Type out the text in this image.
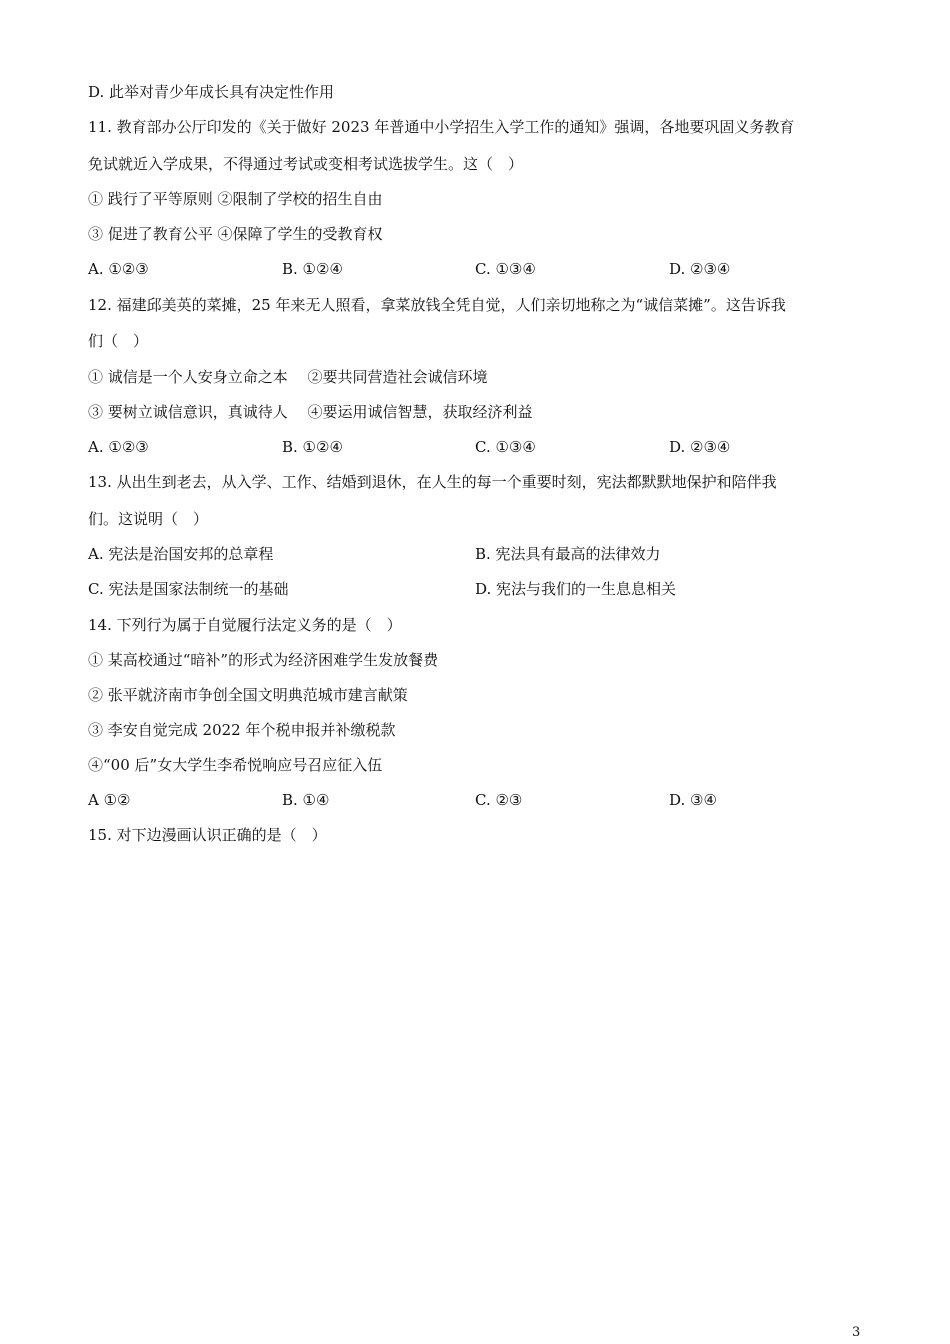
D. 此举对青少年成长具有决定性作用
11. 教育部办公厅印发的《关于做好 2023 年普通中小学招生入学工作的通知》强调，各地要巩固义务教育
免试就近入学成果，不得通过考试或变相考试选拔学生。这（　）
① 践行了平等原则 ②限制了学校的招生自由
③ 促进了教育公平 ④保障了学生的受教育权
A. ①②③	B. ①②④	C. ①③④	D. ②③④
12. 福建邱美英的菜摊，25 年来无人照看，拿菜放钱全凭自觉，人们亲切地称之为“诚信菜摊”。这告诉我
们（　）
① 诚信是一个人安身立命之本　 ②要共同营造社会诚信环境
③ 要树立诚信意识，真诚待人　 ④要运用诚信智慧，获取经济利益
A. ①②③	B. ①②④	C. ①③④	D. ②③④
13. 从出生到老去，从入学、工作、结婚到退休，在人生的每一个重要时刻，宪法都默默地保护和陪伴我
们。这说明（　）
A. 宪法是治国安邦的总章程	B. 宪法具有最高的法律效力
C. 宪法是国家法制统一的基础	D. 宪法与我们的一生息息相关
14. 下列行为属于自觉履行法定义务的是（　）
① 某高校通过“暗补”的形式为经济困难学生发放餐费
② 张平就济南市争创全国文明典范城市建言献策
③ 李安自觉完成 2022 年个税申报并补缴税款
④“00 后”女大学生李希悦响应号召应征入伍
A ①②	B. ①④	C. ②③	D. ③④
15. 对下边漫画认识正确的是（　）
3
